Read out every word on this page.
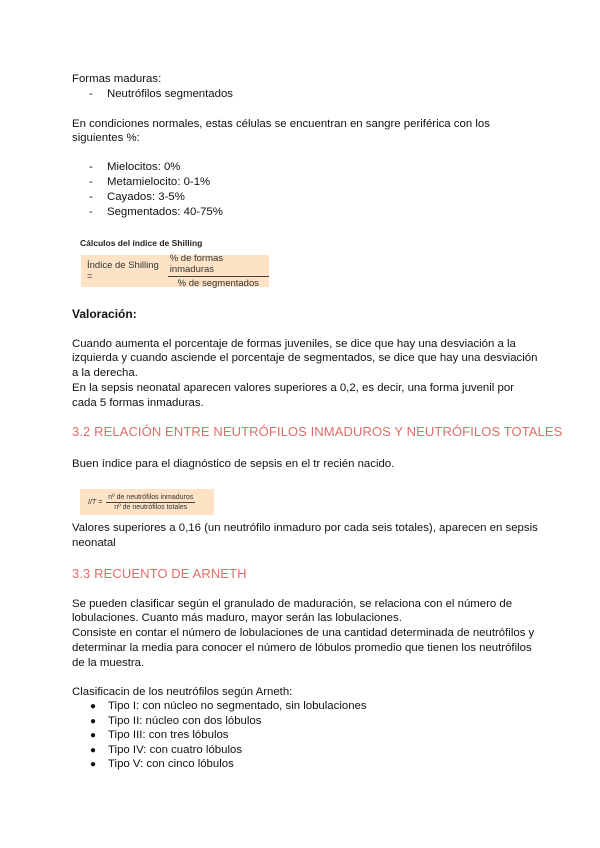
Formas maduras:
- Neutrófilos segmentados
En condiciones normales, estas células se encuentran en sangre periférica con los
siguientes %:
- Mielocitos: 0%
- Metamielocito: 0-1%
- Cayados: 3-5%
- Segmentados: 40-75%
Cálculos del índice de Shilling
Índice de Shilling =	$\frac{\text{\% de formas inmaduras}}{\text{\% de segmentados}}$
Valoración:
Cuando aumenta el porcentaje de formas juveniles, se dice que hay una desviación a la
izquierda y cuando asciende el porcentaje de segmentados, se dice que hay una desviación
a la derecha.
En la sepsis neonatal aparecen valores superiores a 0,2, es decir, una forma juvenil por
cada 5 formas inmaduras.
3.2 RELACIÓN ENTRE NEUTRÓFILOS INMADUROS Y NEUTRÓFILOS TOTALES
Buen índice para el diagnóstico de sepsis en el tr recién nacido.
$I/T = \frac{\text{nº de neutrófilos inmaduros}}{\text{nº de neutrófilos totales}}$
Valores superiores a 0,16 (un neutrófilo inmaduro por cada seis totales), aparecen en sepsis
neonatal
3.3 RECUENTO DE ARNETH
Se pueden clasificar según el granulado de maduración, se relaciona con el número de
lobulaciones. Cuanto más maduro, mayor serán las lobulaciones.
Consiste en contar el número de lobulaciones de una cantidad determinada de neutrófilos y
determinar la media para conocer el número de lóbulos promedio que tienen los neutrófilos
de la muestra.
Clasificacin de los neutrófilos según Arneth:
● Tipo I: con núcleo no segmentado, sin lobulaciones
● Tipo II: núcleo con dos lóbulos
● Tipo III: con tres lóbulos
● Tipo IV: con cuatro lóbulos
● Tipo V: con cinco lóbulos
